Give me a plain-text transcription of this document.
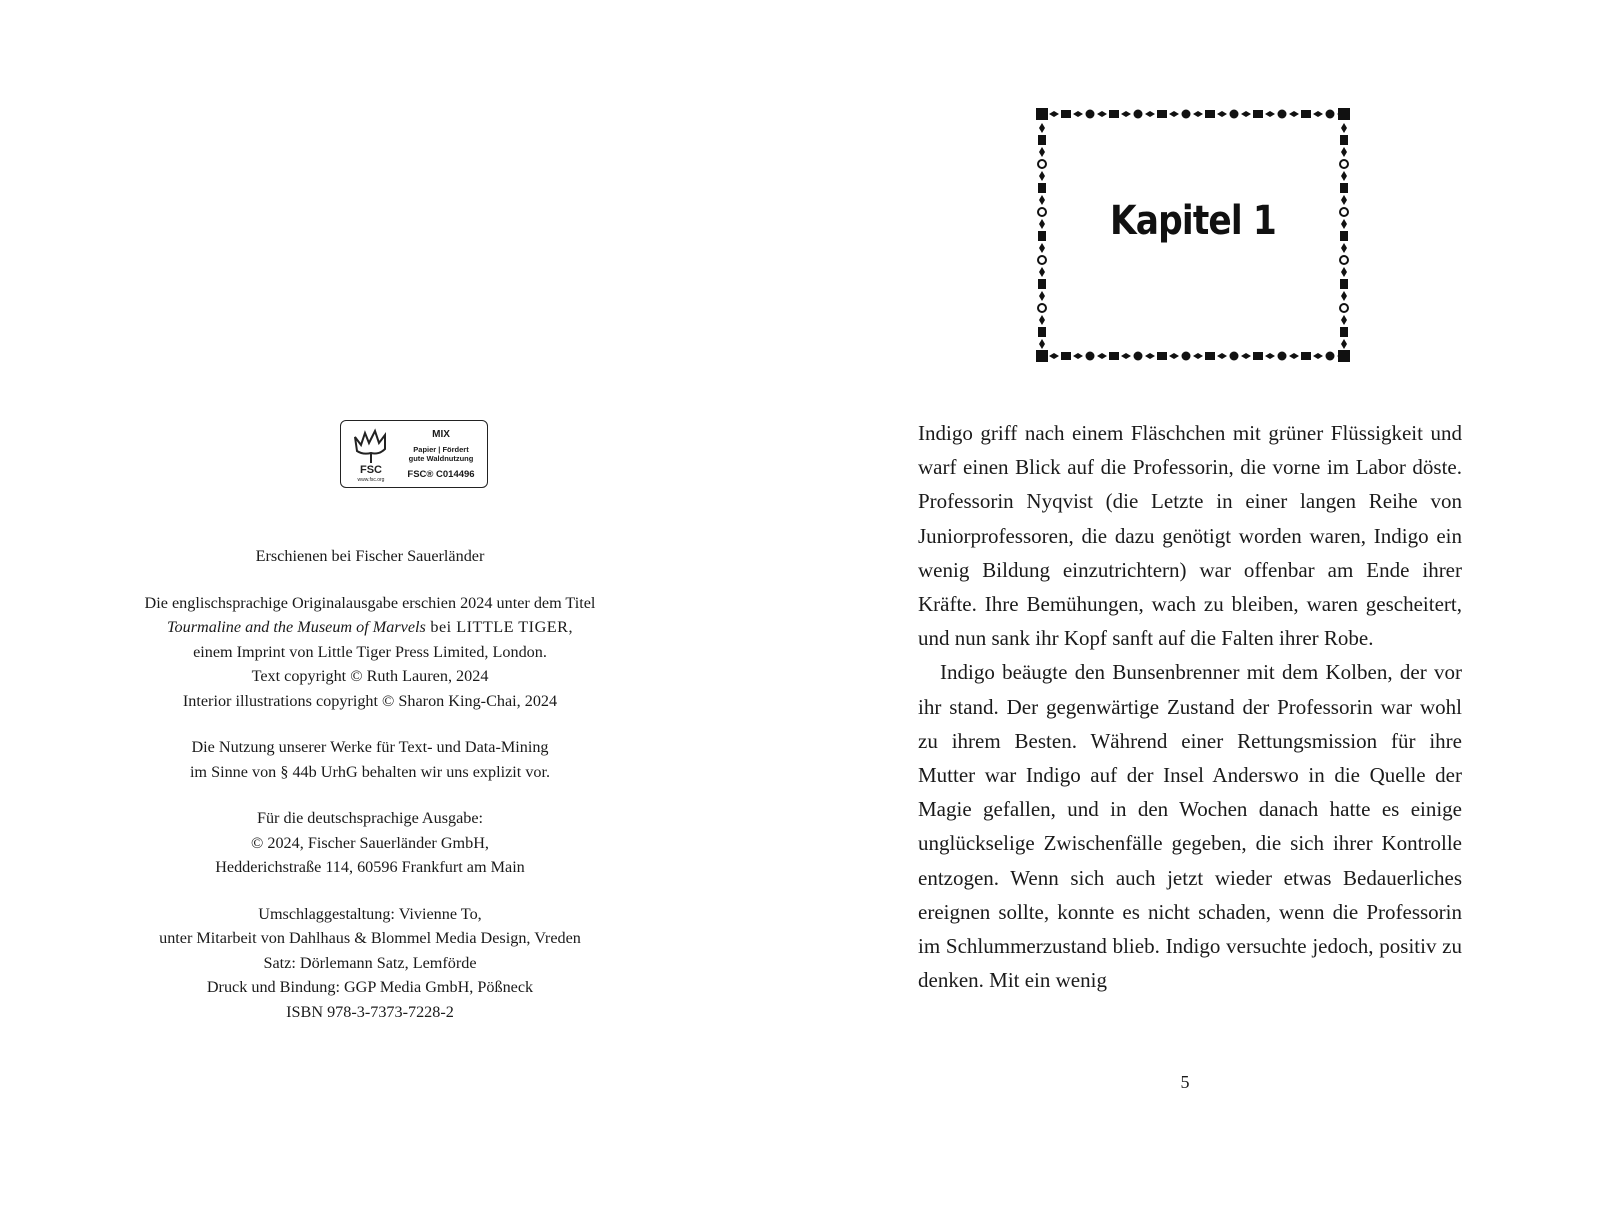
FSC
www.fsc.org
MIX
Papier | Fördert
gute Waldnutzung
FSC® C014496

Erschienen bei Fischer Sauerländer

Die englischsprachige Originalausgabe erschien 2024 unter dem Titel

Tourmaline and the Museum of Marvels bei LITTLE TIGER,

einem Imprint von Little Tiger Press Limited, London.

Text copyright © Ruth Lauren, 2024

Interior illustrations copyright © Sharon King-Chai, 2024

Die Nutzung unserer Werke für Text- und Data-Mining

im Sinne von § 44b UrhG behalten wir uns explizit vor.

Für die deutschsprachige Ausgabe:

© 2024, Fischer Sauerländer GmbH,

Hedderichstraße 114, 60596 Frankfurt am Main

Umschlaggestaltung: Vivienne To,

unter Mitarbeit von Dahlhaus & Blommel Media Design, Vreden

Satz: Dörlemann Satz, Lemförde

Druck und Bindung: GGP Media GmbH, Pößneck

ISBN 978-3-7373-7228-2

Kapitel 1

Indigo griff nach einem Fläschchen mit grüner Flüssigkeit und warf einen Blick auf die Professorin, die vorne im Labor döste. Professorin Nyqvist (die Letzte in einer langen Reihe von Juniorprofessoren, die dazu genötigt worden waren, Indigo ein wenig Bildung einzutrichtern) war offenbar am Ende ihrer Kräfte. Ihre Bemühungen, wach zu bleiben, waren gescheitert, und nun sank ihr Kopf sanft auf die Falten ihrer Robe.

Indigo beäugte den Bunsenbrenner mit dem Kolben, der vor ihr stand. Der gegenwärtige Zustand der Professorin war wohl zu ihrem Besten. Während einer Rettungsmission für ihre Mutter war Indigo auf der Insel Anderswo in die Quelle der Magie gefallen, und in den Wochen danach hatte es einige unglückselige Zwischenfälle gegeben, die sich ihrer Kontrolle entzogen. Wenn sich auch jetzt wieder etwas Bedauerliches ereignen sollte, konnte es nicht schaden, wenn die Professorin im Schlummerzustand blieb. Indigo versuchte jedoch, positiv zu denken. Mit ein wenig

5
